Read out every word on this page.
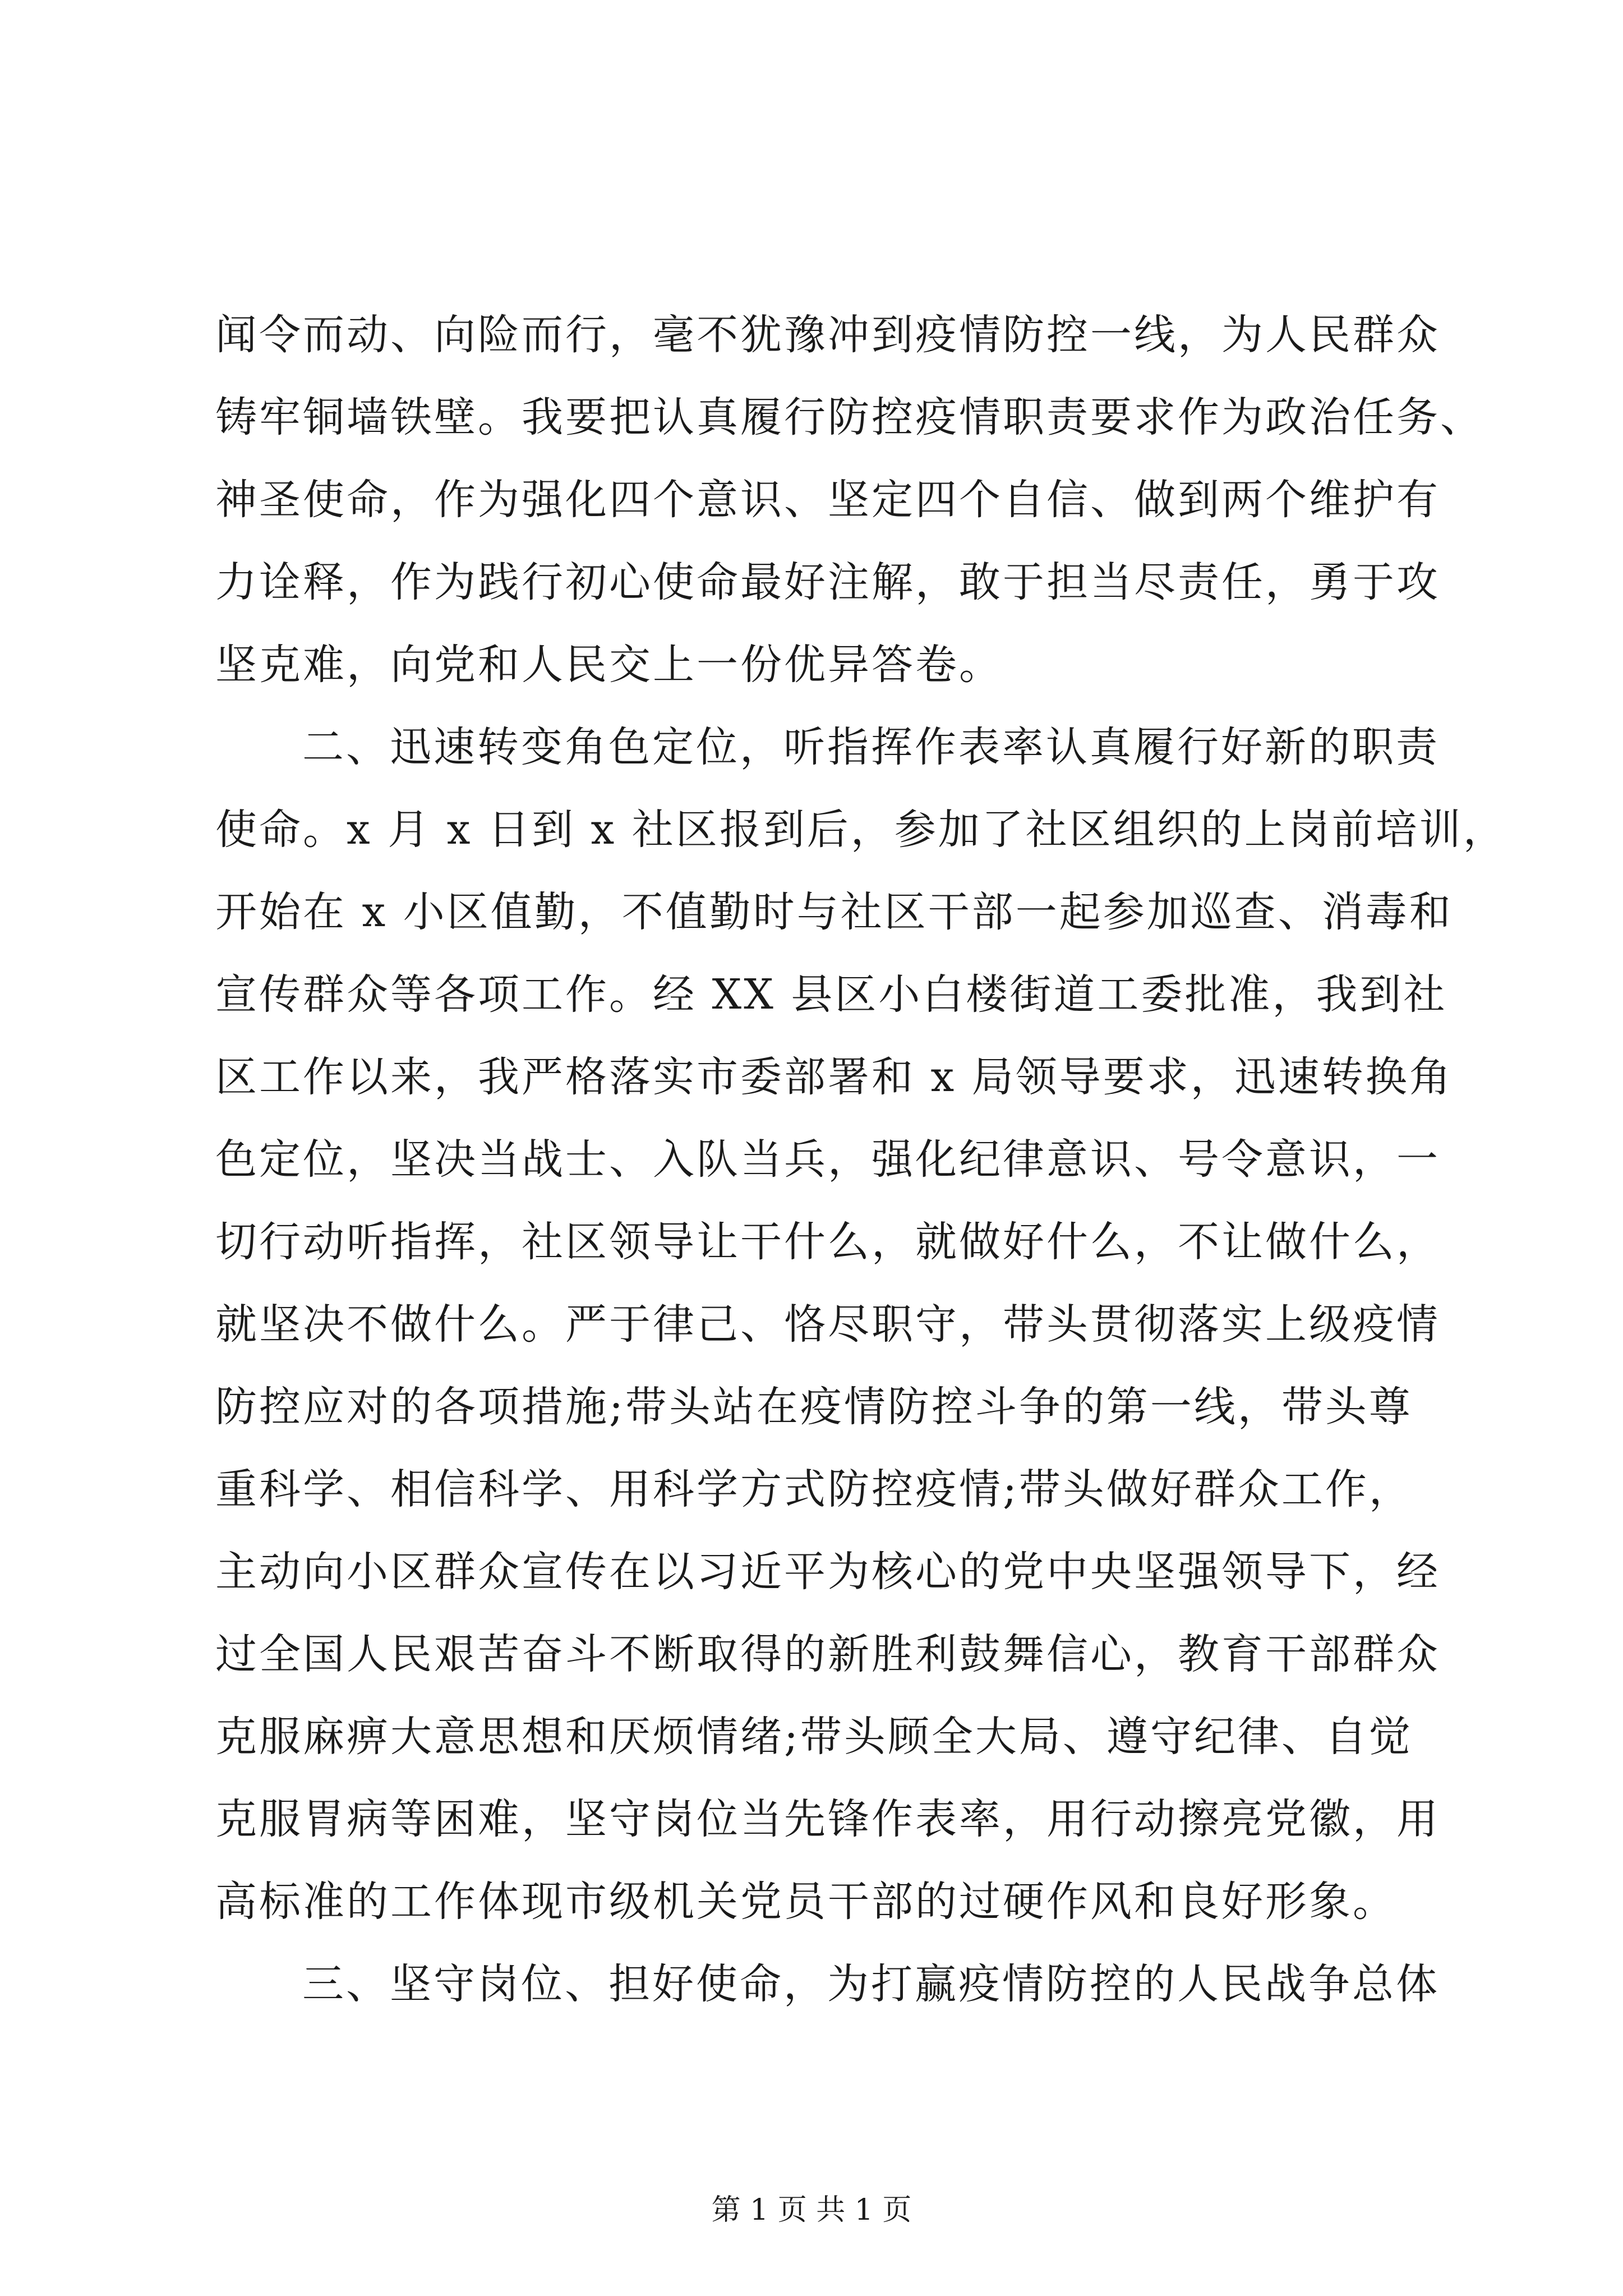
闻令而动、向险而行，毫不犹豫冲到疫情防控一线，为人民群众
铸牢铜墙铁壁。我要把认真履行防控疫情职责要求作为政治任务、
神圣使命，作为强化四个意识、坚定四个自信、做到两个维护有
力诠释，作为践行初心使命最好注解，敢于担当尽责任，勇于攻
坚克难，向党和人民交上一份优异答卷。
二、迅速转变角色定位，听指挥作表率认真履行好新的职责
使命。x 月 x 日到 x 社区报到后，参加了社区组织的上岗前培训，
开始在 x 小区值勤，不值勤时与社区干部一起参加巡查、消毒和
宣传群众等各项工作。经 XX 县区小白楼街道工委批准，我到社
区工作以来，我严格落实市委部署和 x 局领导要求，迅速转换角
色定位，坚决当战士、入队当兵，强化纪律意识、号令意识，一
切行动听指挥，社区领导让干什么，就做好什么，不让做什么，
就坚决不做什么。严于律己、恪尽职守，带头贯彻落实上级疫情
防控应对的各项措施;带头站在疫情防控斗争的第一线，带头尊
重科学、相信科学、用科学方式防控疫情;带头做好群众工作，
主动向小区群众宣传在以习近平为核心的党中央坚强领导下，经
过全国人民艰苦奋斗不断取得的新胜利鼓舞信心，教育干部群众
克服麻痹大意思想和厌烦情绪;带头顾全大局、遵守纪律、自觉
克服胃病等困难，坚守岗位当先锋作表率，用行动擦亮党徽，用
高标准的工作体现市级机关党员干部的过硬作风和良好形象。
三、坚守岗位、担好使命，为打赢疫情防控的人民战争总体
第 1 页 共 1 页
